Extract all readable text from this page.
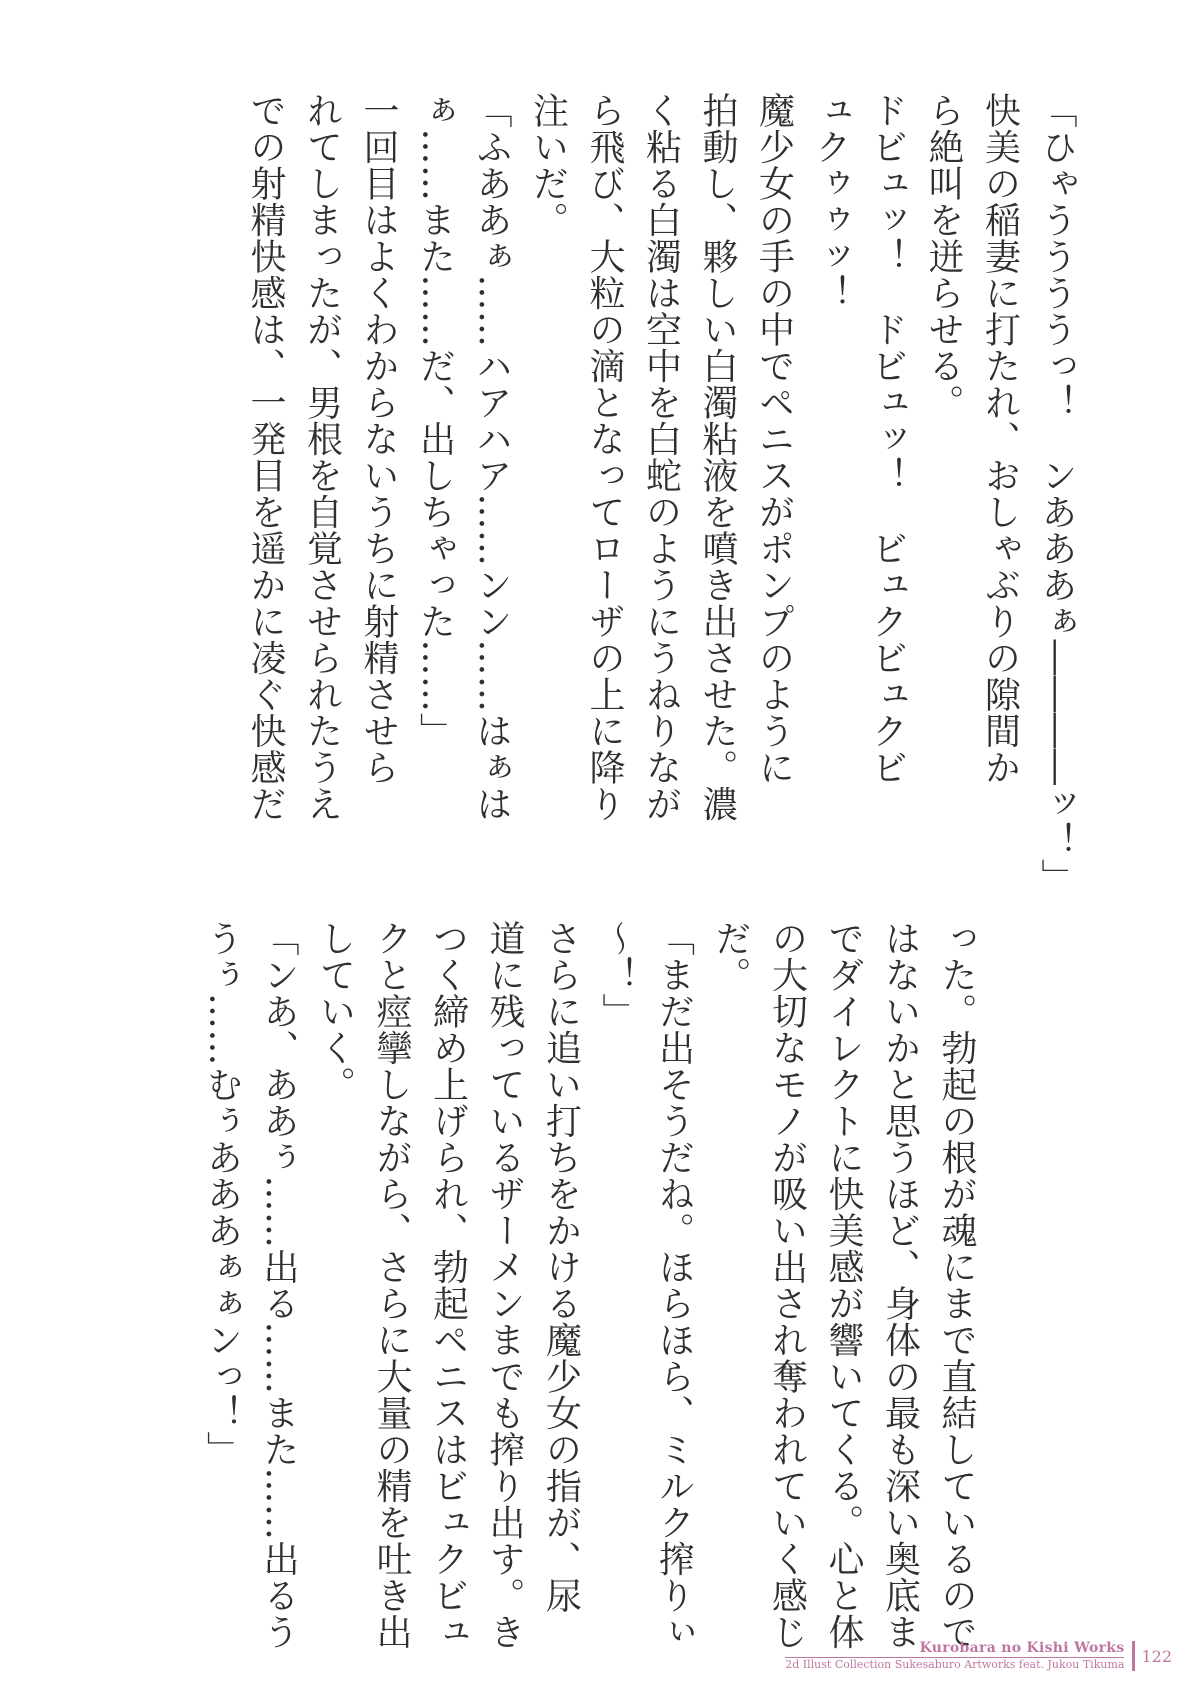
「ひゃううううっ！　ンあああぁ――――ッ！」
快美の稲妻に打たれ、おしゃぶりの隙間か
ら絶叫を迸らせる。
ドビュッ！　ドビュッ！　ビュクビュクビ
ュクゥゥッ！
魔少女の手の中でペニスがポンプのように
拍動し、夥しい白濁粘液を噴き出させた。濃
く粘る白濁は空中を白蛇のようにうねりなが
ら飛び、大粒の滴となってローザの上に降り
注いだ。
「ふああぁ……ハアハア……ンン……はぁは
ぁ……また……だ、出しちゃった……」
一回目はよくわからないうちに射精させら
れてしまったが、男根を自覚させられたうえ
での射精快感は、一発目を遥かに凌ぐ快感だ
った。勃起の根が魂にまで直結しているので
はないかと思うほど、身体の最も深い奥底ま
でダイレクトに快美感が響いてくる。心と体
の大切なモノが吸い出され奪われていく感じ
だ。
「まだ出そうだね。ほらほら、ミルク搾りぃ
～！」
さらに追い打ちをかける魔少女の指が、尿
道に残っているザーメンまでも搾り出す。き
つく締め上げられ、勃起ペニスはビュクビュ
クと痙攣しながら、さらに大量の精を吐き出
していく。
「ンあ、ああぅ……出る……また……出るう
うぅ……むぅあああぁぁンっ！」
Kurobara no Kishi Works
2d Illust Collection Sukesaburo Artworks feat. Jukou Tikuma 122
